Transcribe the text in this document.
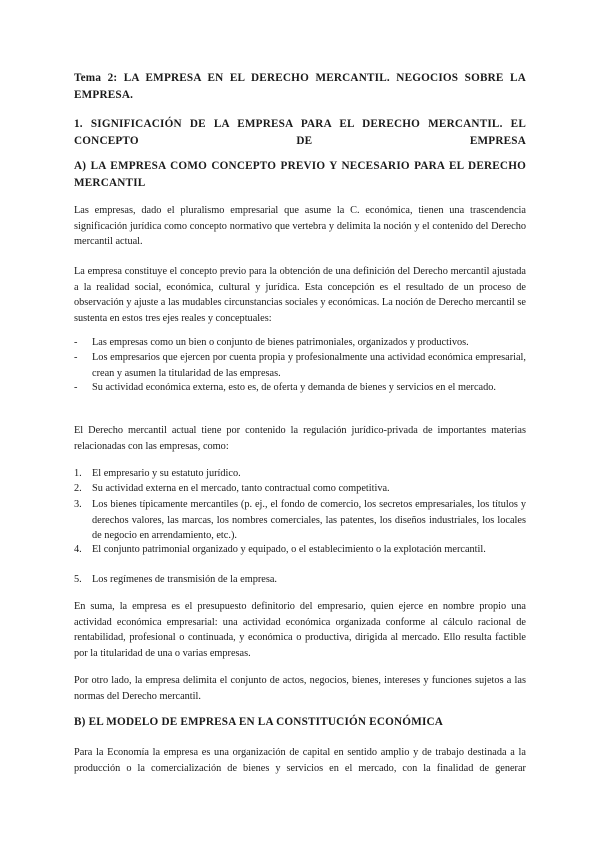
Tema 2: LA EMPRESA EN EL DERECHO MERCANTIL. NEGOCIOS SOBRE LA EMPRESA.
1. SIGNIFICACIÓN DE LA EMPRESA PARA EL DERECHO MERCANTIL. EL CONCEPTO DE EMPRESA
A) LA EMPRESA COMO CONCEPTO PREVIO Y NECESARIO PARA EL DERECHO MERCANTIL
Las empresas, dado el pluralismo empresarial que asume la C. económica, tienen una trascendencia significación jurídica como concepto normativo que vertebra y delimita la noción y el contenido del Derecho mercantil actual.
La empresa constituye el concepto previo para la obtención de una definición del Derecho mercantil ajustada a la realidad social, económica, cultural y jurídica. Esta concepción es el resultado de un proceso de observación y ajuste a las mudables circunstancias sociales y económicas. La noción de Derecho mercantil se sustenta en estos tres ejes reales y conceptuales:
- Las empresas como un bien o conjunto de bienes patrimoniales, organizados y productivos.
- Los empresarios que ejercen por cuenta propia y profesionalmente una actividad económica empresarial, crean y asumen la titularidad de las empresas.
- Su actividad económica externa, esto es, de oferta y demanda de bienes y servicios en el mercado.
El Derecho mercantil actual tiene por contenido la regulación jurídico-privada de importantes materias relacionadas con las empresas, como:
1. El empresario y su estatuto jurídico.
2. Su actividad externa en el mercado, tanto contractual como competitiva.
3. Los bienes típicamente mercantiles (p. ej., el fondo de comercio, los secretos empresariales, los títulos y derechos valores, las marcas, los nombres comerciales, las patentes, los diseños industriales, los locales de negocio en arrendamiento, etc.).
4. El conjunto patrimonial organizado y equipado, o el establecimiento o la explotación mercantil.
5. Los regímenes de transmisión de la empresa.
En suma, la empresa es el presupuesto definitorio del empresario, quien ejerce en nombre propio una actividad económica empresarial: una actividad económica organizada conforme al cálculo racional de rentabilidad, profesional o continuada, y económica o productiva, dirigida al mercado. Ello resulta factible por la titularidad de una o varias empresas.
Por otro lado, la empresa delimita el conjunto de actos, negocios, bienes, intereses y funciones sujetos a las normas del Derecho mercantil.
B) EL MODELO DE EMPRESA EN LA CONSTITUCIÓN ECONÓMICA
Para la Economía la empresa es una organización de capital en sentido amplio y de trabajo destinada a la producción o la comercialización de bienes y servicios en el mercado, con la finalidad de generar
